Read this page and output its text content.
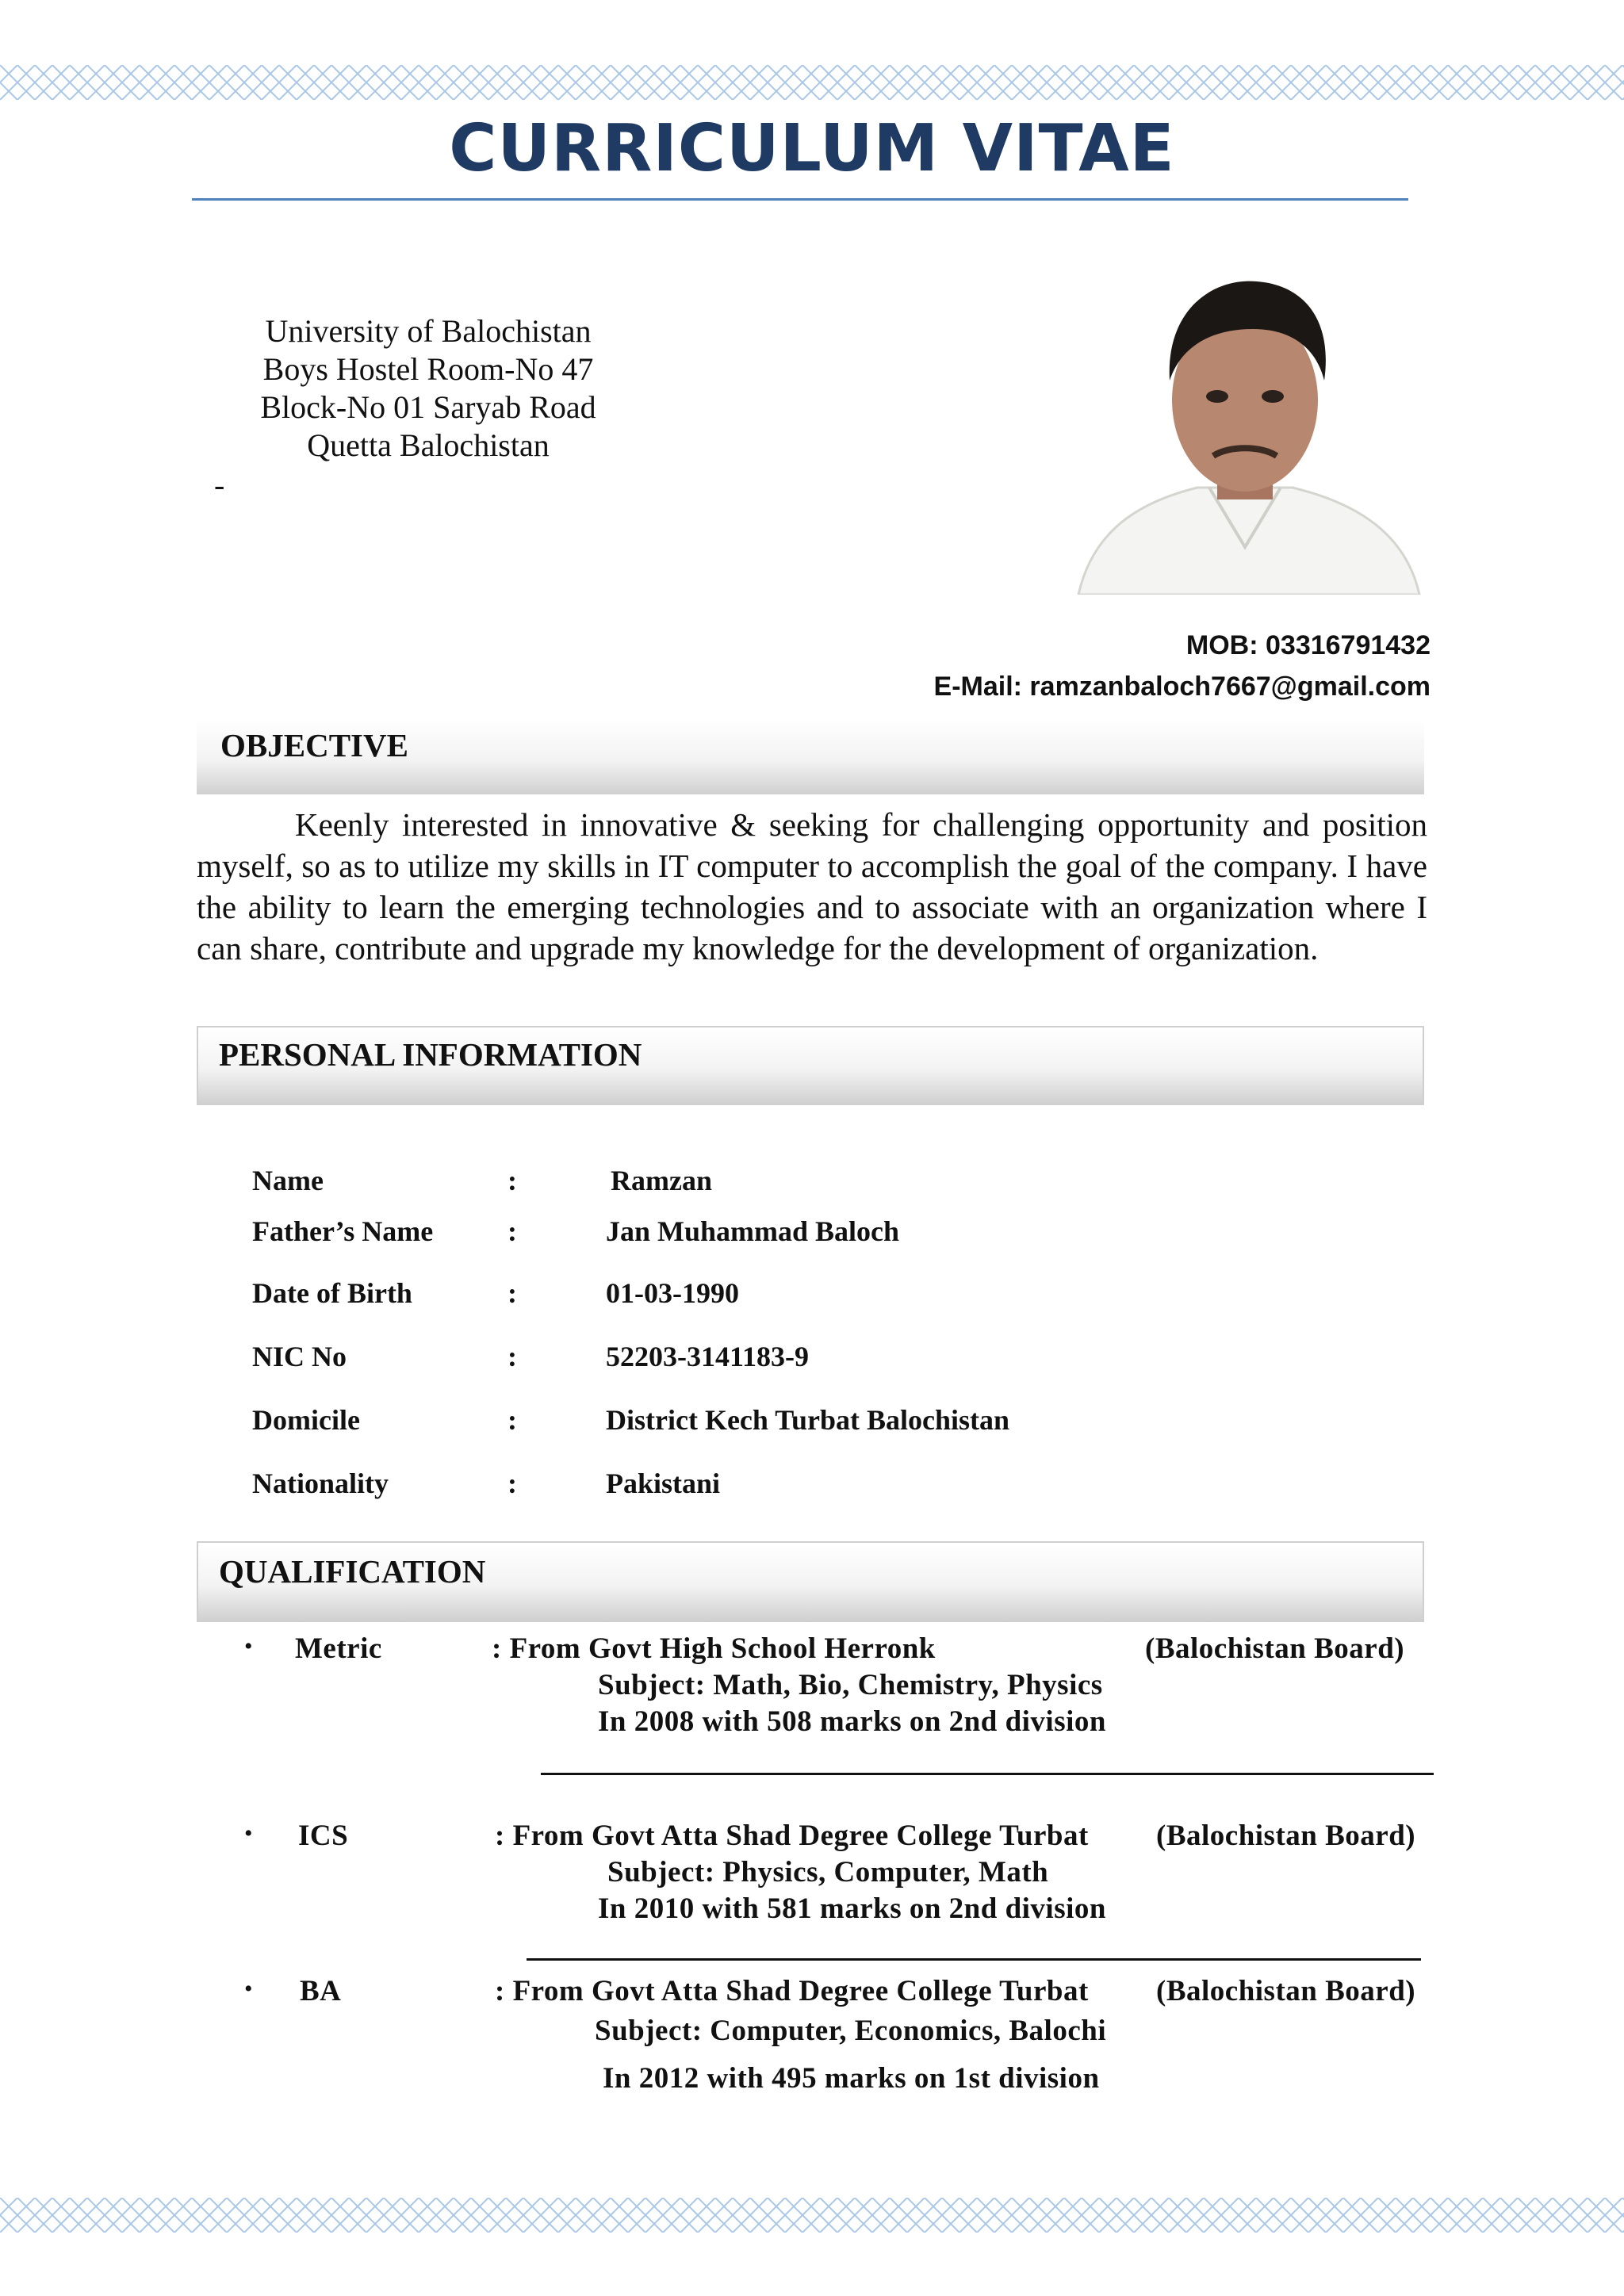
CURRICULUM VITAE
University of Balochistan
Boys Hostel Room-No 47
Block-No 01 Saryab Road
Quetta Balochistan
-
MOB: 03316791432
E-Mail: ramzanbaloch7667@gmail.com
OBJECTIVE
Keenly interested in innovative & seeking for challenging opportunity and position myself, so as to utilize my skills in IT computer to accomplish the goal of the company. I have the ability to learn the emerging technologies and to associate with an organization where I can share, contribute and upgrade my knowledge for the development of organization.
PERSONAL INFORMATION
Name	:	Ramzan
Father’s Name	:	Jan Muhammad Baloch
Date of Birth	:	01-03-1990
NIC No	:	52203-3141183-9
Domicile	:	District Kech Turbat Balochistan
Nationality	:	Pakistani
QUALIFICATION
• Metric	: From Govt High School Herronk	(Balochistan Board)
Subject: Math, Bio, Chemistry, Physics
In 2008 with 508 marks on 2nd division
• ICS	: From Govt Atta Shad Degree College Turbat (Balochistan Board)
Subject: Physics, Computer, Math
In 2010 with 581 marks on 2nd division
• BA	: From Govt Atta Shad Degree College Turbat (Balochistan Board)
Subject: Computer, Economics, Balochi
In 2012 with 495 marks on 1st division
